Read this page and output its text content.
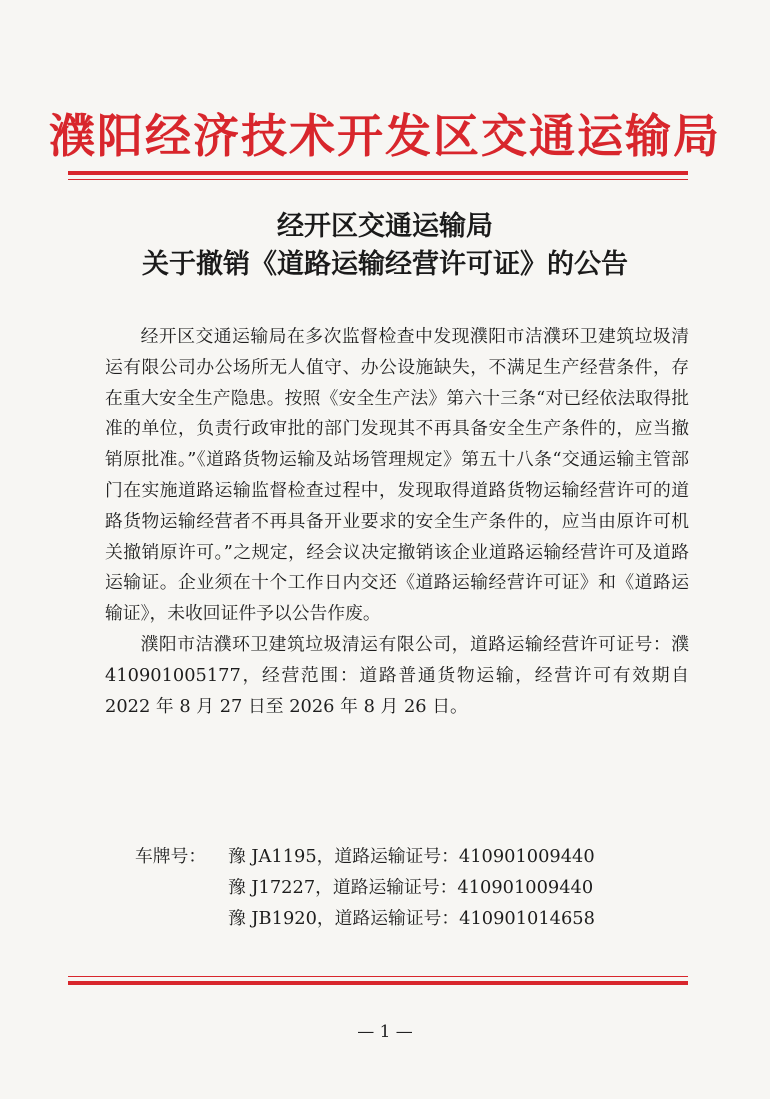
濮阳经济技术开发区交通运输局
经开区交通运输局
关于撤销《道路运输经营许可证》的公告

经开区交通运输局在多次监督检查中发现濮阳市洁濮环卫建筑垃圾清运有限公司办公场所无人值守、办公设施缺失，不满足生产经营条件，存在重大安全生产隐患。按照《安全生产法》第六十三条“对已经依法取得批准的单位，负责行政审批的部门发现其不再具备安全生产条件的，应当撤销原批准。”《道路货物运输及站场管理规定》第五十八条“交通运输主管部门在实施道路运输监督检查过程中，发现取得道路货物运输经营许可的道路货物运输经营者不再具备开业要求的安全生产条件的，应当由原许可机关撤销原许可。”之规定，经会议决定撤销该企业道路运输经营许可及道路运输证。企业须在十个工作日内交还《道路运输经营许可证》和《道路运输证》，未收回证件予以公告作废。

濮阳市洁濮环卫建筑垃圾清运有限公司，道路运输经营许可证号：濮 410901005177，经营范围：道路普通货物运输，经营许可有效期自 2022 年 8 月 27 日至 2026 年 8 月 26 日。

车牌号： 豫 JA1195，道路运输证号：410901009440
豫 J17227，道路运输证号：410901009440
豫 JB1920，道路运输证号：410901014658
— 1 —
